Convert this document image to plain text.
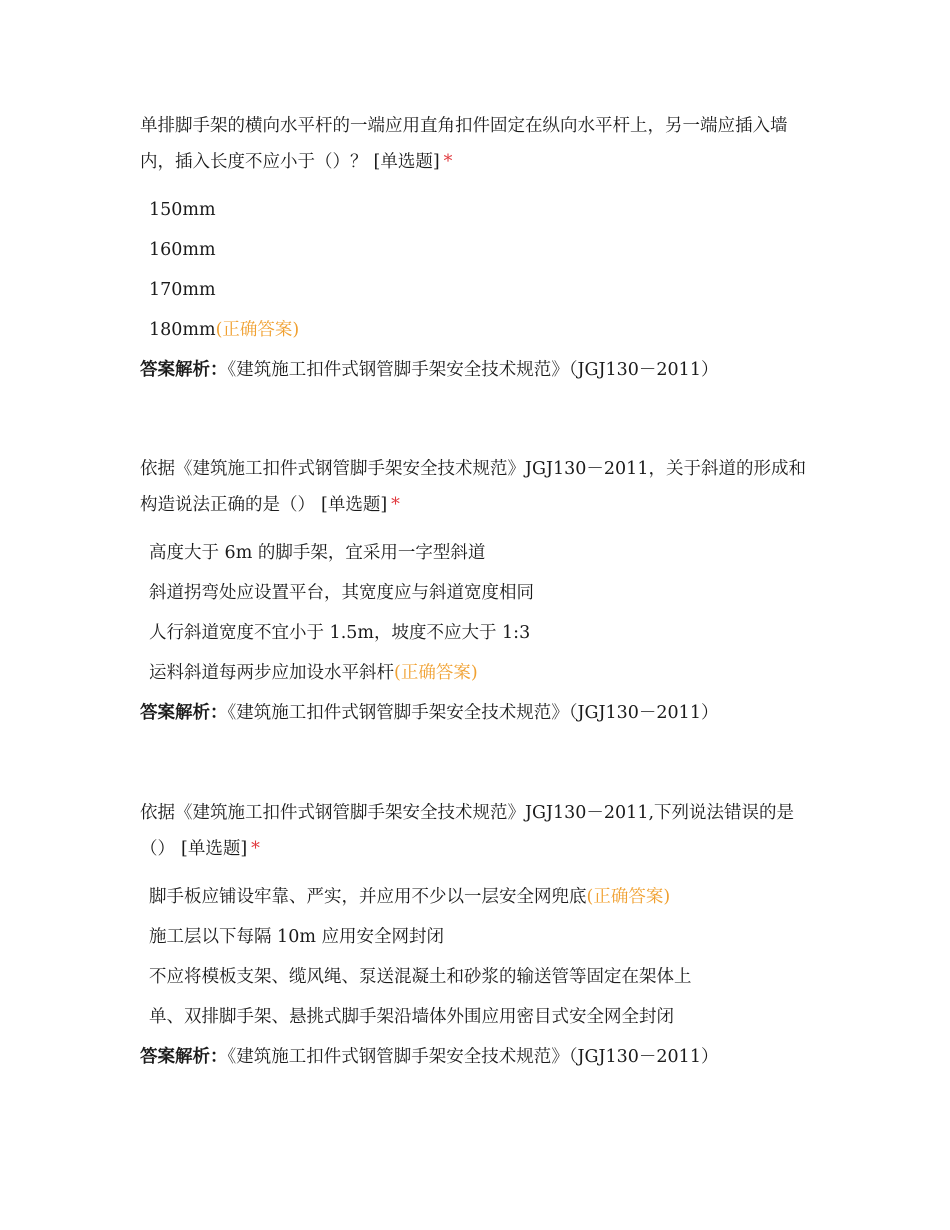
单排脚手架的横向水平杆的一端应用直角扣件固定在纵向水平杆上，另一端应插入墙内，插入长度不应小于（）？ [单选题] *

150mm
160mm
170mm
180mm(正确答案)
答案解析：《建筑施工扣件式钢管脚手架安全技术规范》（JGJ130－2011）

依据《建筑施工扣件式钢管脚手架安全技术规范》JGJ130－2011，关于斜道的形成和构造说法正确的是（） [单选题] *

高度大于 6m 的脚手架，宜采用一字型斜道
斜道拐弯处应设置平台，其宽度应与斜道宽度相同
人行斜道宽度不宜小于 1.5m，坡度不应大于 1:3
运料斜道每两步应加设水平斜杆(正确答案)
答案解析：《建筑施工扣件式钢管脚手架安全技术规范》（JGJ130－2011）

依据《建筑施工扣件式钢管脚手架安全技术规范》JGJ130－2011,下列说法错误的是（） [单选题] *

脚手板应铺设牢靠、严实，并应用不少以一层安全网兜底(正确答案)
施工层以下每隔 10m 应用安全网封闭
不应将模板支架、缆风绳、泵送混凝土和砂浆的输送管等固定在架体上
单、双排脚手架、悬挑式脚手架沿墙体外围应用密目式安全网全封闭
答案解析：《建筑施工扣件式钢管脚手架安全技术规范》（JGJ130－2011）
